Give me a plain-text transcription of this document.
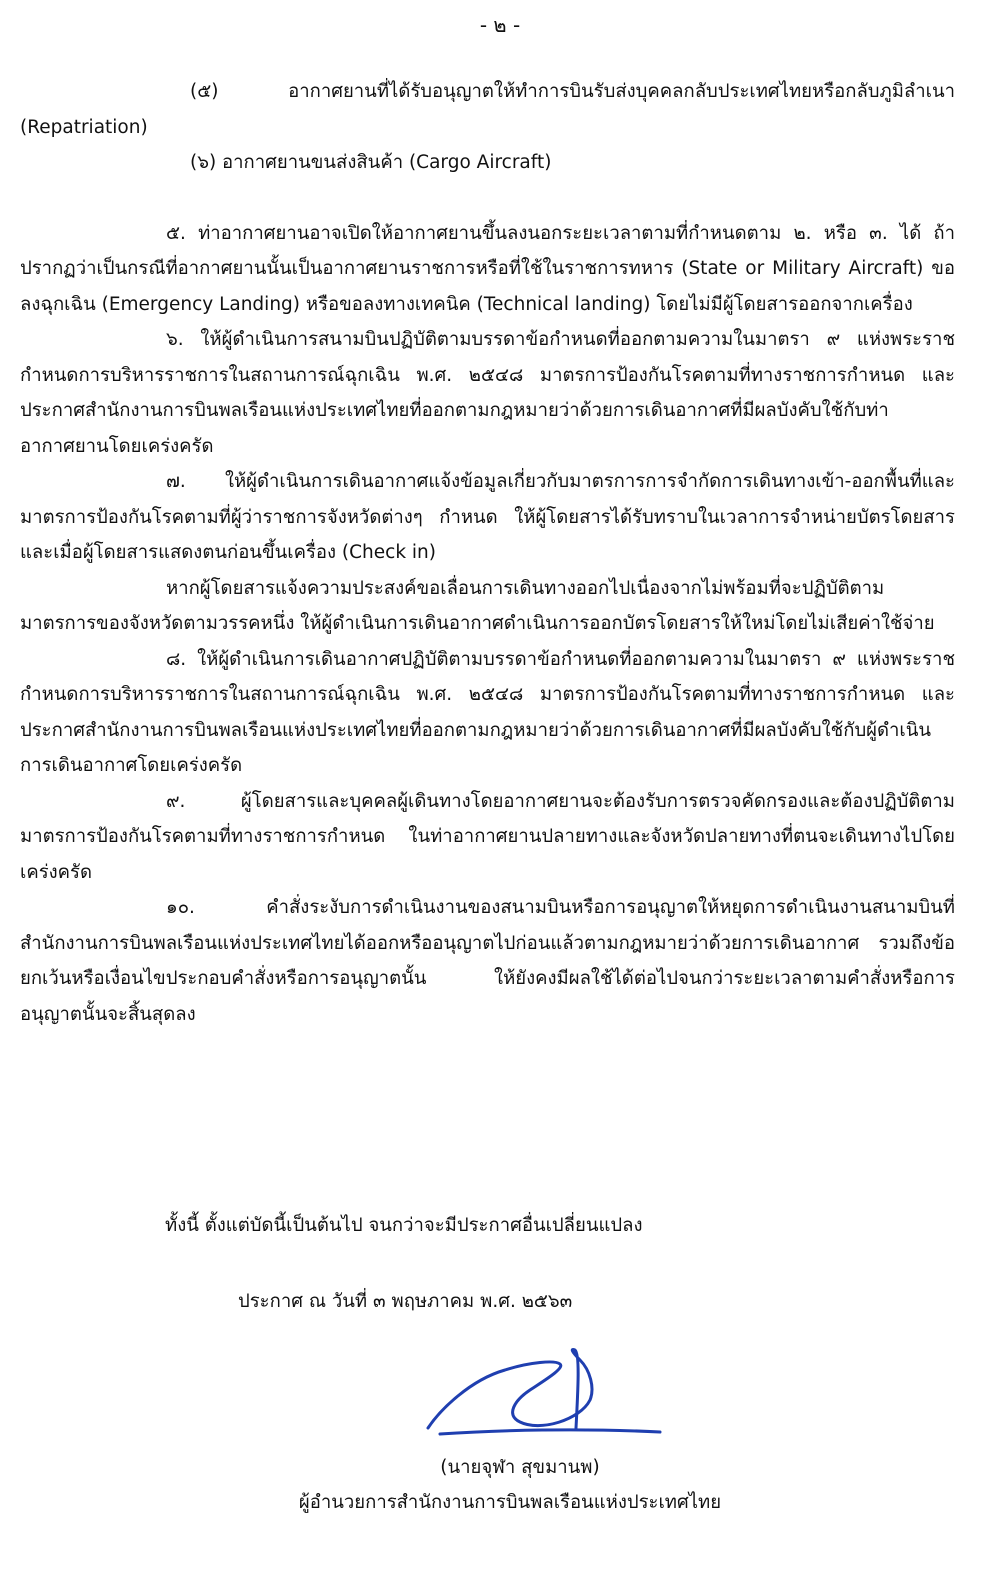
- ๒ -

(๕) อากาศยานที่ได้รับอนุญาตให้ทำการบินรับส่งบุคคลกลับประเทศไทยหรือกลับภูมิลำเนา (Repatriation)

(๖) อากาศยานขนส่งสินค้า (Cargo Aircraft)

๕. ท่าอากาศยานอาจเปิดให้อากาศยานขึ้นลงนอกระยะเวลาตามที่กำหนดตาม ๒. หรือ ๓. ได้ ถ้าปรากฏว่าเป็นกรณีที่อากาศยานนั้นเป็นอากาศยานราชการหรือที่ใช้ในราชการทหาร (State or Military Aircraft) ขอลงฉุกเฉิน (Emergency Landing) หรือขอลงทางเทคนิค (Technical landing) โดยไม่มีผู้โดยสารออกจากเครื่อง

๖. ให้ผู้ดำเนินการสนามบินปฏิบัติตามบรรดาข้อกำหนดที่ออกตามความในมาตรา ๙ แห่งพระราชกำหนดการบริหารราชการในสถานการณ์ฉุกเฉิน พ.ศ. ๒๕๔๘ มาตรการป้องกันโรคตามที่ทางราชการกำหนด และประกาศสำนักงานการบินพลเรือนแห่งประเทศไทยที่ออกตามกฎหมายว่าด้วยการเดินอากาศที่มีผลบังคับใช้กับท่าอากาศยานโดยเคร่งครัด

๗. ให้ผู้ดำเนินการเดินอากาศแจ้งข้อมูลเกี่ยวกับมาตรการการจำกัดการเดินทางเข้า-ออกพื้นที่และมาตรการป้องกันโรคตามที่ผู้ว่าราชการจังหวัดต่างๆ กำหนด ให้ผู้โดยสารได้รับทราบในเวลาการจำหน่ายบัตรโดยสารและเมื่อผู้โดยสารแสดงตนก่อนขึ้นเครื่อง (Check in)

หากผู้โดยสารแจ้งความประสงค์ขอเลื่อนการเดินทางออกไปเนื่องจากไม่พร้อมที่จะปฏิบัติตามมาตรการของจังหวัดตามวรรคหนึ่ง ให้ผู้ดำเนินการเดินอากาศดำเนินการออกบัตรโดยสารให้ใหม่โดยไม่เสียค่าใช้จ่าย

๘. ให้ผู้ดำเนินการเดินอากาศปฏิบัติตามบรรดาข้อกำหนดที่ออกตามความในมาตรา ๙ แห่งพระราชกำหนดการบริหารราชการในสถานการณ์ฉุกเฉิน พ.ศ. ๒๕๔๘ มาตรการป้องกันโรคตามที่ทางราชการกำหนด และประกาศสำนักงานการบินพลเรือนแห่งประเทศไทยที่ออกตามกฎหมายว่าด้วยการเดินอากาศที่มีผลบังคับใช้กับผู้ดำเนินการเดินอากาศโดยเคร่งครัด

๙. ผู้โดยสารและบุคคลผู้เดินทางโดยอากาศยานจะต้องรับการตรวจคัดกรองและต้องปฏิบัติตามมาตรการป้องกันโรคตามที่ทางราชการกำหนด ในท่าอากาศยานปลายทางและจังหวัดปลายทางที่ตนจะเดินทางไปโดยเคร่งครัด

๑๐. คำสั่งระงับการดำเนินงานของสนามบินหรือการอนุญาตให้หยุดการดำเนินงานสนามบินที่สำนักงานการบินพลเรือนแห่งประเทศไทยได้ออกหรืออนุญาตไปก่อนแล้วตามกฎหมายว่าด้วยการเดินอากาศ รวมถึงข้อยกเว้นหรือเงื่อนไขประกอบคำสั่งหรือการอนุญาตนั้น ให้ยังคงมีผลใช้ได้ต่อไปจนกว่าระยะเวลาตามคำสั่งหรือการอนุญาตนั้นจะสิ้นสุดลง

ทั้งนี้ ตั้งแต่บัดนี้เป็นต้นไป จนกว่าจะมีประกาศอื่นเปลี่ยนแปลง
ประกาศ ณ วันที่ ๓ พฤษภาคม พ.ศ. ๒๕๖๓
(นายจุฬา สุขมานพ)
ผู้อำนวยการสำนักงานการบินพลเรือนแห่งประเทศไทย
